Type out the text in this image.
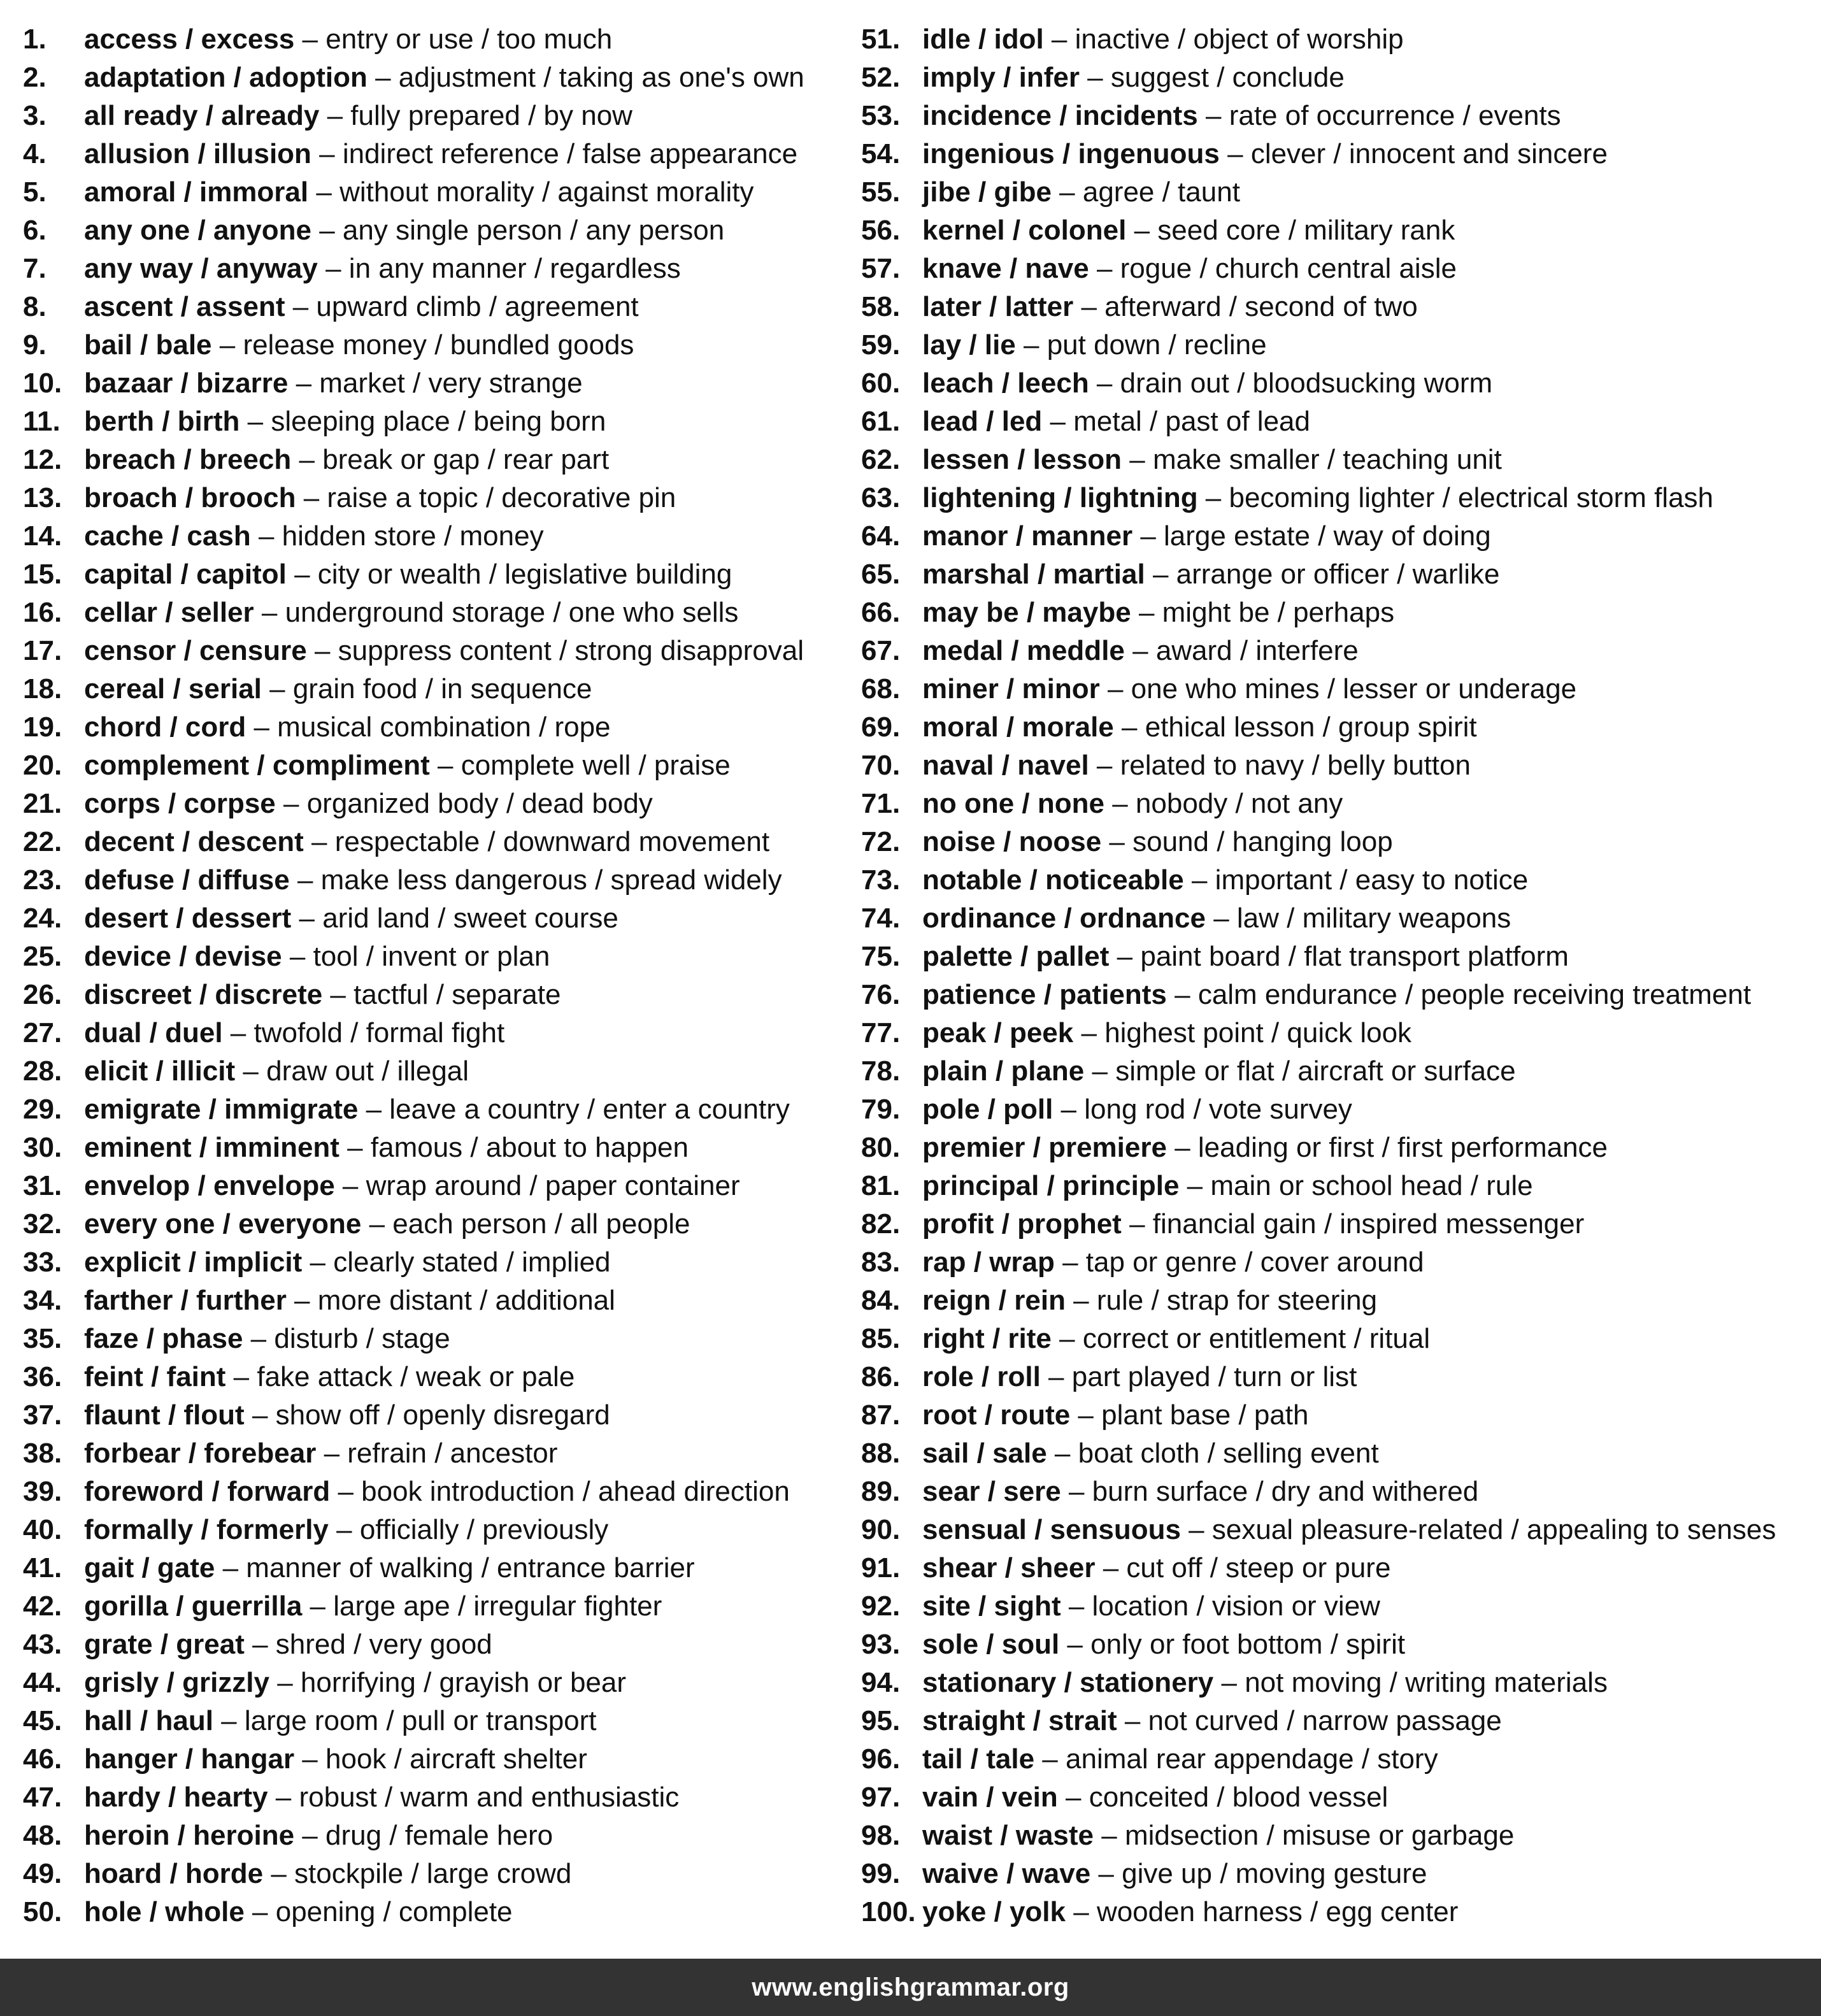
1. access / excess – entry or use / too much
2. adaptation / adoption – adjustment / taking as one's own
3. all ready / already – fully prepared / by now
4. allusion / illusion – indirect reference / false appearance
5. amoral / immoral – without morality / against morality
6. any one / anyone – any single person / any person
7. any way / anyway – in any manner / regardless
8. ascent / assent – upward climb / agreement
9. bail / bale – release money / bundled goods
10. bazaar / bizarre – market / very strange
11. berth / birth – sleeping place / being born
12. breach / breech – break or gap / rear part
13. broach / brooch – raise a topic / decorative pin
14. cache / cash – hidden store / money
15. capital / capitol – city or wealth / legislative building
16. cellar / seller – underground storage / one who sells
17. censor / censure – suppress content / strong disapproval
18. cereal / serial – grain food / in sequence
19. chord / cord – musical combination / rope
20. complement / compliment – complete well / praise
21. corps / corpse – organized body / dead body
22. decent / descent – respectable / downward movement
23. defuse / diffuse – make less dangerous / spread widely
24. desert / dessert – arid land / sweet course
25. device / devise – tool / invent or plan
26. discreet / discrete – tactful / separate
27. dual / duel – twofold / formal fight
28. elicit / illicit – draw out / illegal
29. emigrate / immigrate – leave a country / enter a country
30. eminent / imminent – famous / about to happen
31. envelop / envelope – wrap around / paper container
32. every one / everyone – each person / all people
33. explicit / implicit – clearly stated / implied
34. farther / further – more distant / additional
35. faze / phase – disturb / stage
36. feint / faint – fake attack / weak or pale
37. flaunt / flout – show off / openly disregard
38. forbear / forebear – refrain / ancestor
39. foreword / forward – book introduction / ahead direction
40. formally / formerly – officially / previously
41. gait / gate – manner of walking / entrance barrier
42. gorilla / guerrilla – large ape / irregular fighter
43. grate / great – shred / very good
44. grisly / grizzly – horrifying / grayish or bear
45. hall / haul – large room / pull or transport
46. hanger / hangar – hook / aircraft shelter
47. hardy / hearty – robust / warm and enthusiastic
48. heroin / heroine – drug / female hero
49. hoard / horde – stockpile / large crowd
50. hole / whole – opening / complete
51. idle / idol – inactive / object of worship
52. imply / infer – suggest / conclude
53. incidence / incidents – rate of occurrence / events
54. ingenious / ingenuous – clever / innocent and sincere
55. jibe / gibe – agree / taunt
56. kernel / colonel – seed core / military rank
57. knave / nave – rogue / church central aisle
58. later / latter – afterward / second of two
59. lay / lie – put down / recline
60. leach / leech – drain out / bloodsucking worm
61. lead / led – metal / past of lead
62. lessen / lesson – make smaller / teaching unit
63. lightening / lightning – becoming lighter / electrical storm flash
64. manor / manner – large estate / way of doing
65. marshal / martial – arrange or officer / warlike
66. may be / maybe – might be / perhaps
67. medal / meddle – award / interfere
68. miner / minor – one who mines / lesser or underage
69. moral / morale – ethical lesson / group spirit
70. naval / navel – related to navy / belly button
71. no one / none – nobody / not any
72. noise / noose – sound / hanging loop
73. notable / noticeable – important / easy to notice
74. ordinance / ordnance – law / military weapons
75. palette / pallet – paint board / flat transport platform
76. patience / patients – calm endurance / people receiving treatment
77. peak / peek – highest point / quick look
78. plain / plane – simple or flat / aircraft or surface
79. pole / poll – long rod / vote survey
80. premier / premiere – leading or first / first performance
81. principal / principle – main or school head / rule
82. profit / prophet – financial gain / inspired messenger
83. rap / wrap – tap or genre / cover around
84. reign / rein – rule / strap for steering
85. right / rite – correct or entitlement / ritual
86. role / roll – part played / turn or list
87. root / route – plant base / path
88. sail / sale – boat cloth / selling event
89. sear / sere – burn surface / dry and withered
90. sensual / sensuous – sexual pleasure-related / appealing to senses
91. shear / sheer – cut off / steep or pure
92. site / sight – location / vision or view
93. sole / soul – only or foot bottom / spirit
94. stationary / stationery – not moving / writing materials
95. straight / strait – not curved / narrow passage
96. tail / tale – animal rear appendage / story
97. vain / vein – conceited / blood vessel
98. waist / waste – midsection / misuse or garbage
99. waive / wave – give up / moving gesture
100. yoke / yolk – wooden harness / egg center
www.englishgrammar.org
